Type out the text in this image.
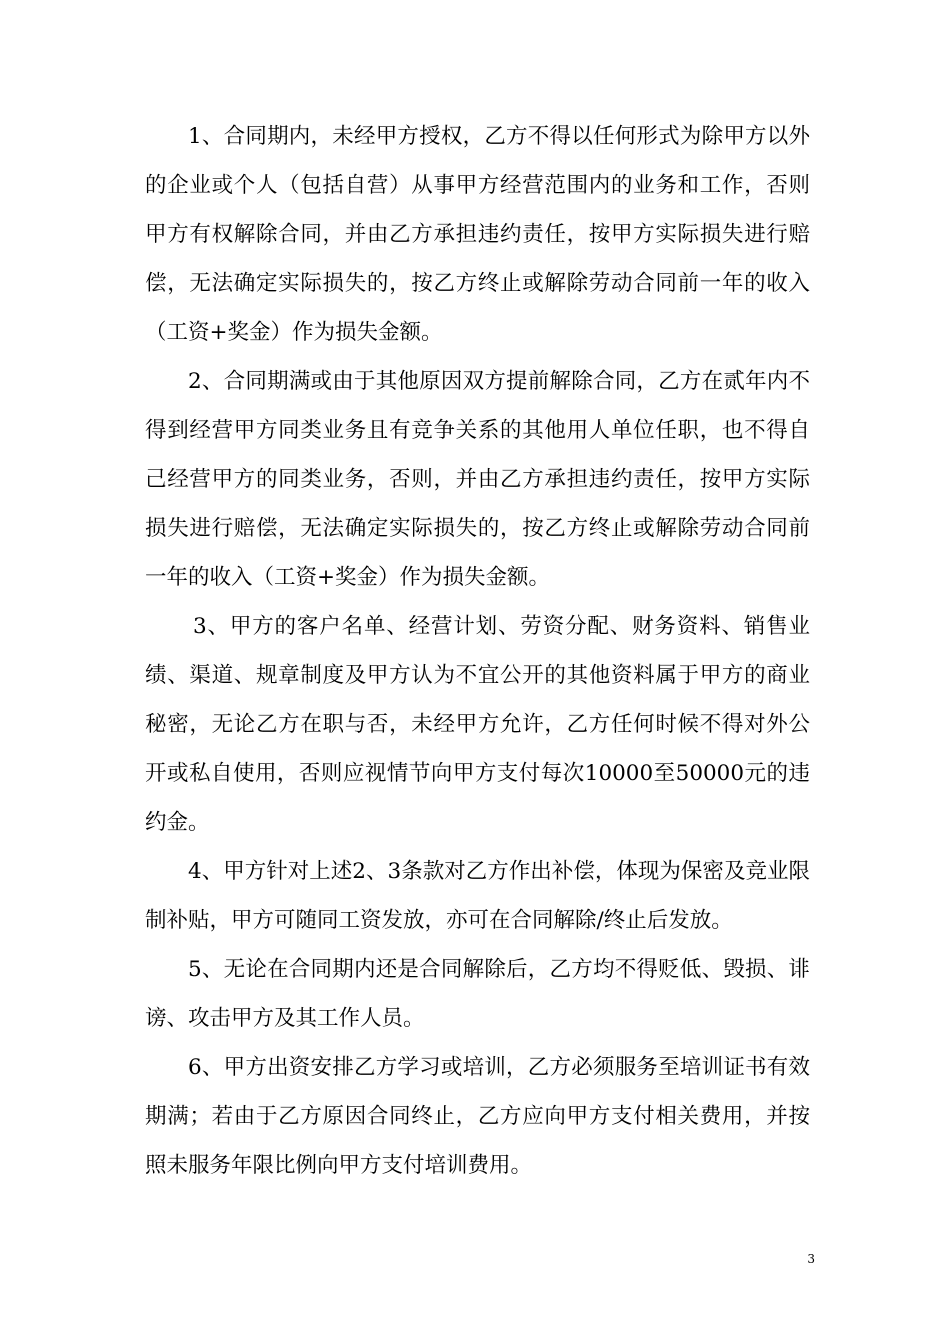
1、合同期内，未经甲方授权，乙方不得以任何形式为除甲方以外的企业或个人（包括自营）从事甲方经营范围内的业务和工作，否则甲方有权解除合同，并由乙方承担违约责任，按甲方实际损失进行赔偿，无法确定实际损失的，按乙方终止或解除劳动合同前一年的收入（工资+奖金）作为损失金额。

2、合同期满或由于其他原因双方提前解除合同，乙方在贰年内不得到经营甲方同类业务且有竞争关系的其他用人单位任职，也不得自己经营甲方的同类业务，否则，并由乙方承担违约责任，按甲方实际损失进行赔偿，无法确定实际损失的，按乙方终止或解除劳动合同前一年的收入（工资+奖金）作为损失金额。

3、甲方的客户名单、经营计划、劳资分配、财务资料、销售业绩、渠道、规章制度及甲方认为不宜公开的其他资料属于甲方的商业秘密，无论乙方在职与否，未经甲方允许，乙方任何时候不得对外公开或私自使用，否则应视情节向甲方支付每次10000至50000元的违约金。

4、甲方针对上述2、3条款对乙方作出补偿，体现为保密及竞业限制补贴，甲方可随同工资发放，亦可在合同解除/终止后发放。

5、无论在合同期内还是合同解除后，乙方均不得贬低、毁损、诽谤、攻击甲方及其工作人员。

6、甲方出资安排乙方学习或培训，乙方必须服务至培训证书有效期满；若由于乙方原因合同终止，乙方应向甲方支付相关费用，并按照未服务年限比例向甲方支付培训费用。

3
